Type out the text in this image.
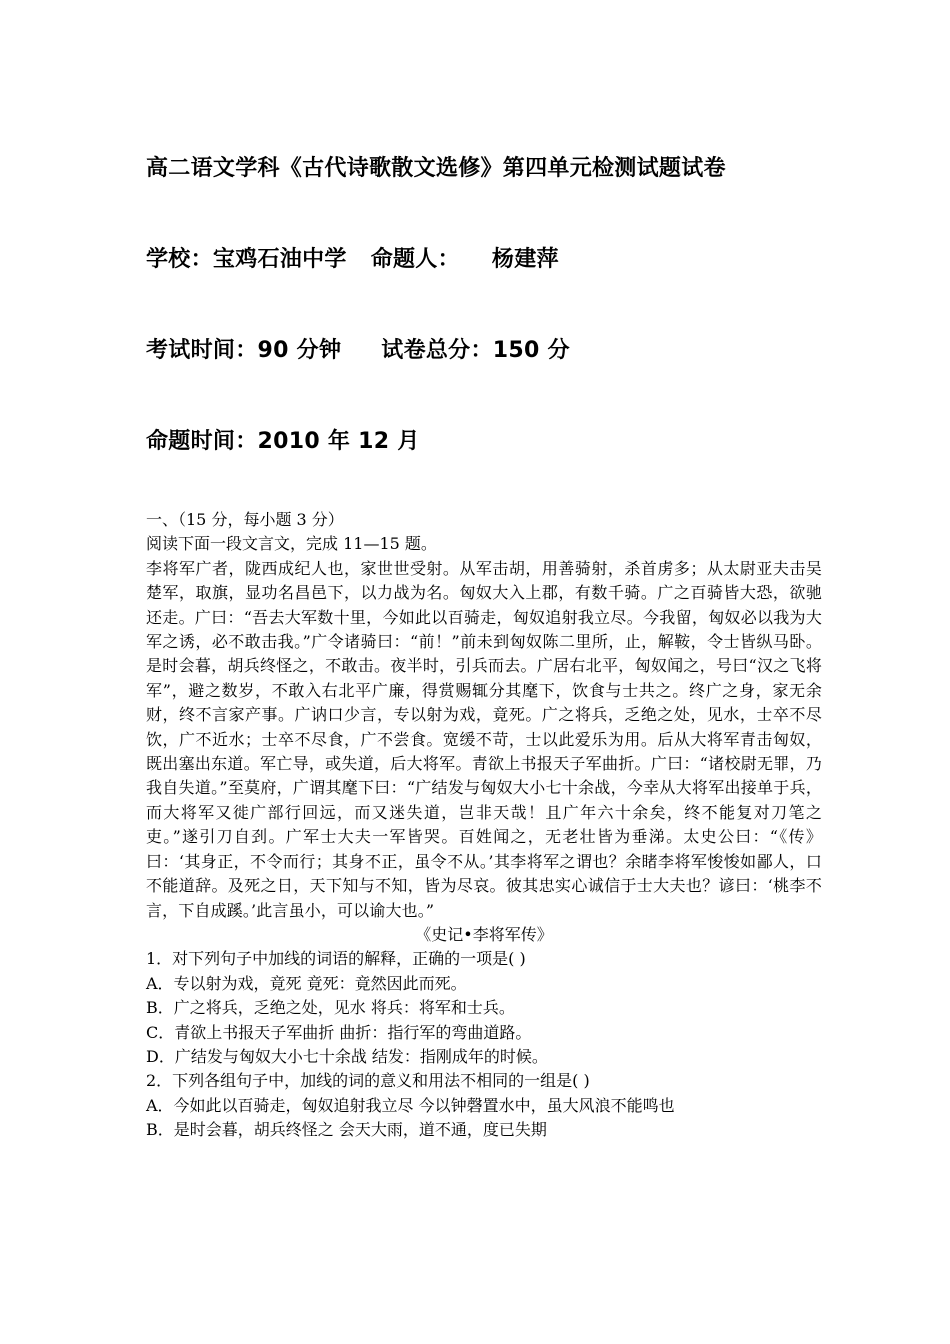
高二语文学科《古代诗歌散文选修》第四单元检测试题试卷
学校：宝鸡石油中学 命题人： 杨建萍
考试时间：90 分钟 试卷总分：150 分
命题时间：2010 年 12 月

一、（15 分，每小题 3 分）

阅读下面一段文言文，完成 11—15 题。

李将军广者，陇西成纪人也，家世世受射。从军击胡，用善骑射，杀首虏多；从太尉亚夫击吴楚军，取旗，显功名昌邑下，以力战为名。匈奴大入上郡，有数千骑。广之百骑皆大恐，欲驰还走。广曰：“吾去大军数十里，今如此以百骑走，匈奴追射我立尽。今我留，匈奴必以我为大军之诱，必不敢击我。”广令诸骑曰：“前！”前未到匈奴陈二里所，止，解鞍，令士皆纵马卧。是时会暮，胡兵终怪之，不敢击。夜半时，引兵而去。广居右北平，匈奴闻之，号曰“汉之飞将军”，避之数岁，不敢入右北平广廉，得赏赐辄分其麾下，饮食与士共之。终广之身，家无余财，终不言家产事。广讷口少言，专以射为戏，竟死。广之将兵，乏绝之处，见水，士卒不尽饮，广不近水；士卒不尽食，广不尝食。宽缓不苛，士以此爱乐为用。后从大将军青击匈奴，既出塞出东道。军亡导，或失道，后大将军。青欲上书报天子军曲折。广曰：“诸校尉无罪，乃我自失道。”至莫府，广谓其麾下曰：“广结发与匈奴大小七十余战，今幸从大将军出接单于兵，而大将军又徙广部行回远，而又迷失道，岂非天哉！且广年六十余矣，终不能复对刀笔之吏。”遂引刀自刭。广军士大夫一军皆哭。百姓闻之，无老壮皆为垂涕。太史公曰：“《传》曰：‘其身正，不令而行；其身不正，虽令不从。’其李将军之谓也？余睹李将军悛悛如鄙人，口不能道辞。及死之日，天下知与不知，皆为尽哀。彼其忠实心诚信于士大夫也？谚曰：‘桃李不言，下自成蹊。’此言虽小，可以谕大也。”

《史记•李将军传》

1．对下列句子中加线的词语的解释，正确的一项是( )

A．专以射为戏，竟死 竟死：竟然因此而死。

B．广之将兵，乏绝之处，见水 将兵：将军和士兵。

C．青欲上书报天子军曲折 曲折：指行军的弯曲道路。

D．广结发与匈奴大小七十余战 结发：指刚成年的时候。

2．下列各组句子中，加线的词的意义和用法不相同的一组是( )

A．今如此以百骑走，匈奴追射我立尽 今以钟磬置水中，虽大风浪不能鸣也

B．是时会暮，胡兵终怪之 会天大雨，道不通，度已失期
